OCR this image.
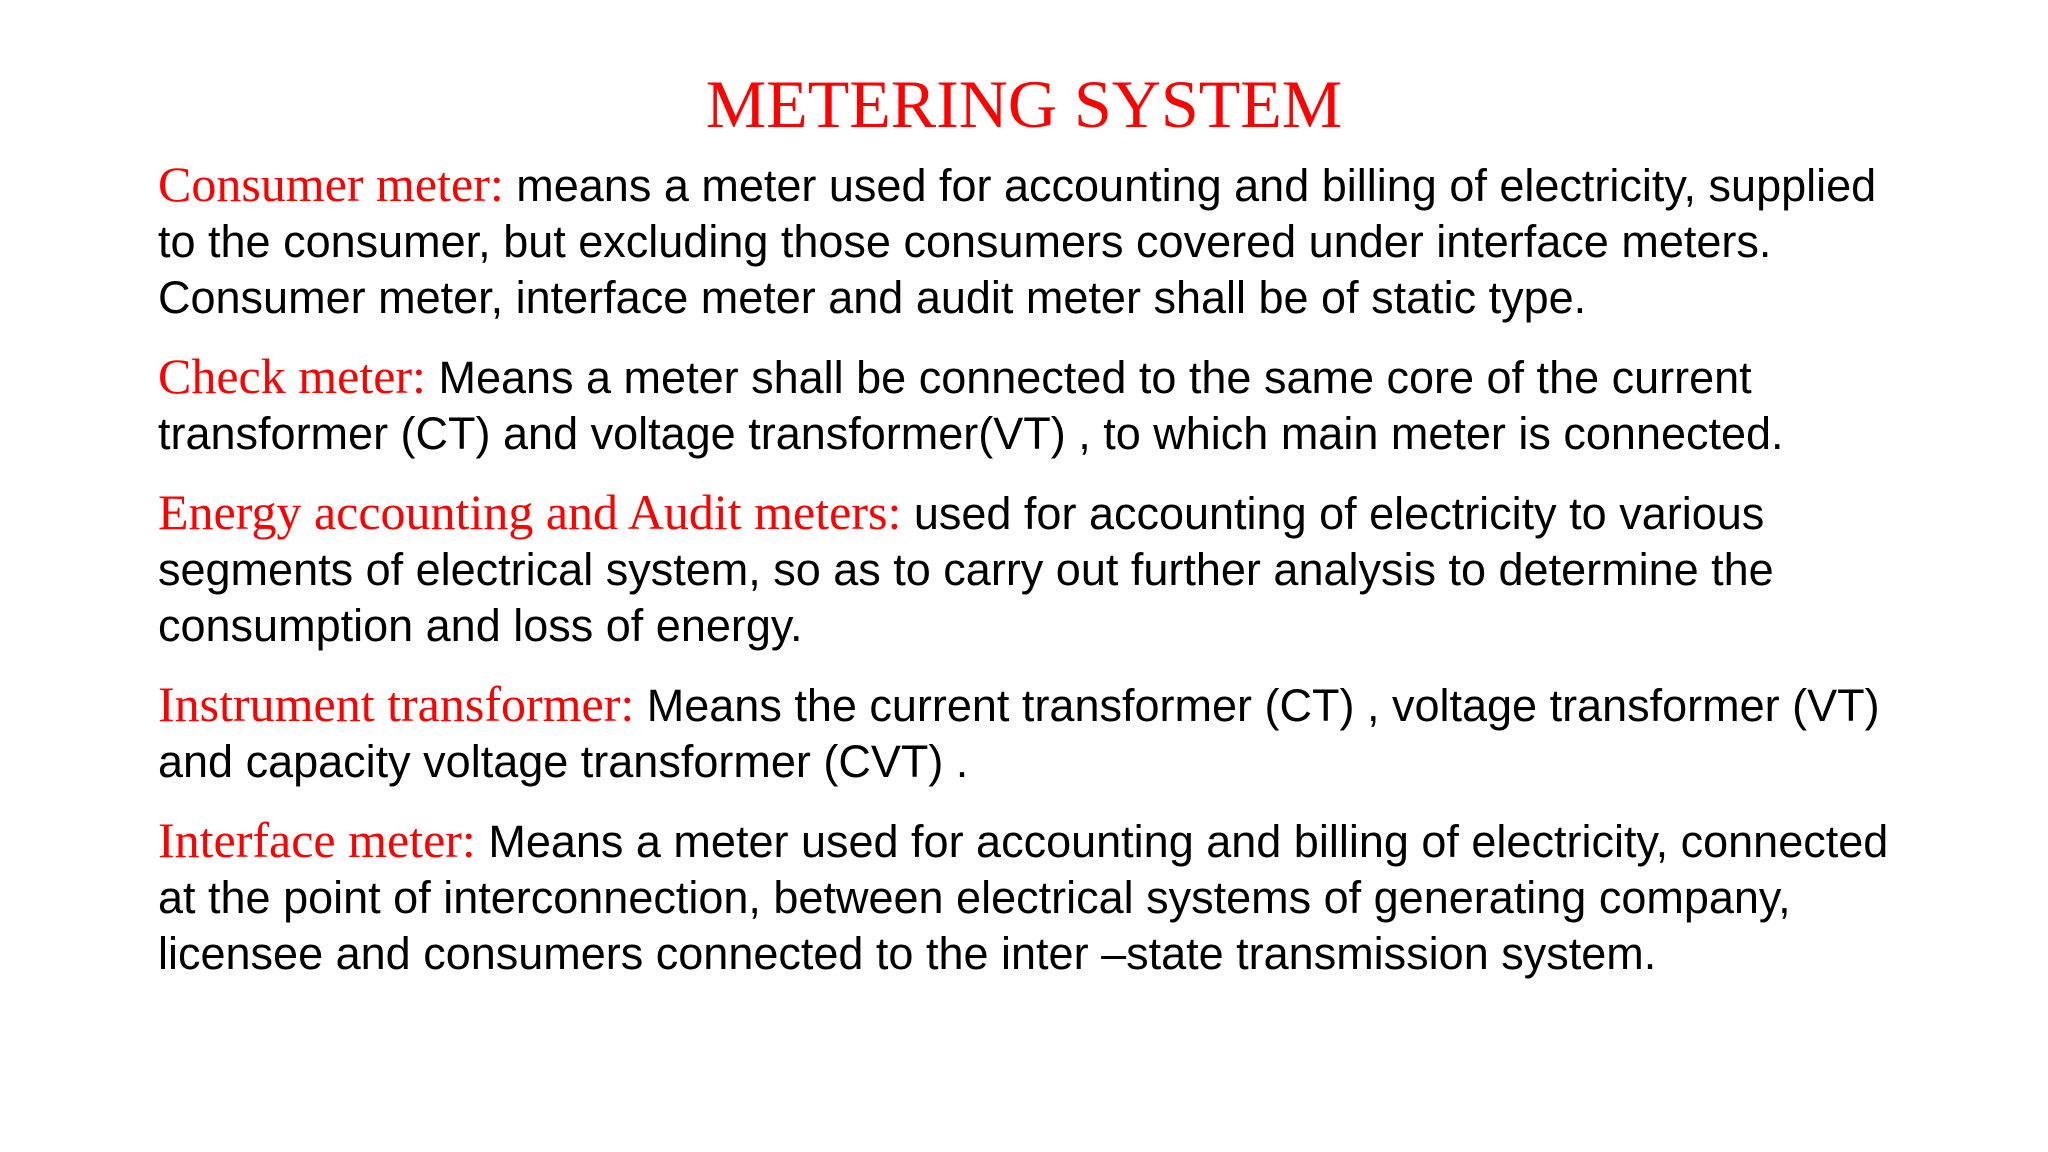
METERING SYSTEM

Consumer meter: means a meter used for accounting and billing of electricity, supplied to the consumer, but excluding those consumers covered under interface meters. Consumer meter, interface meter and audit meter shall be of static type.

Check meter: Means a meter shall be connected to the same core of the current transformer (CT) and voltage transformer(VT) , to which main meter is connected.

Energy accounting and Audit meters: used for accounting of electricity to various segments of electrical system, so as to carry out further analysis to determine the consumption and loss of energy.

Instrument transformer: Means the current transformer (CT) , voltage transformer (VT) and capacity voltage transformer (CVT) .

Interface meter: Means a meter used for accounting and billing of electricity, connected at the point of interconnection, between electrical systems of generating company, licensee and consumers connected to the inter –state transmission system.
